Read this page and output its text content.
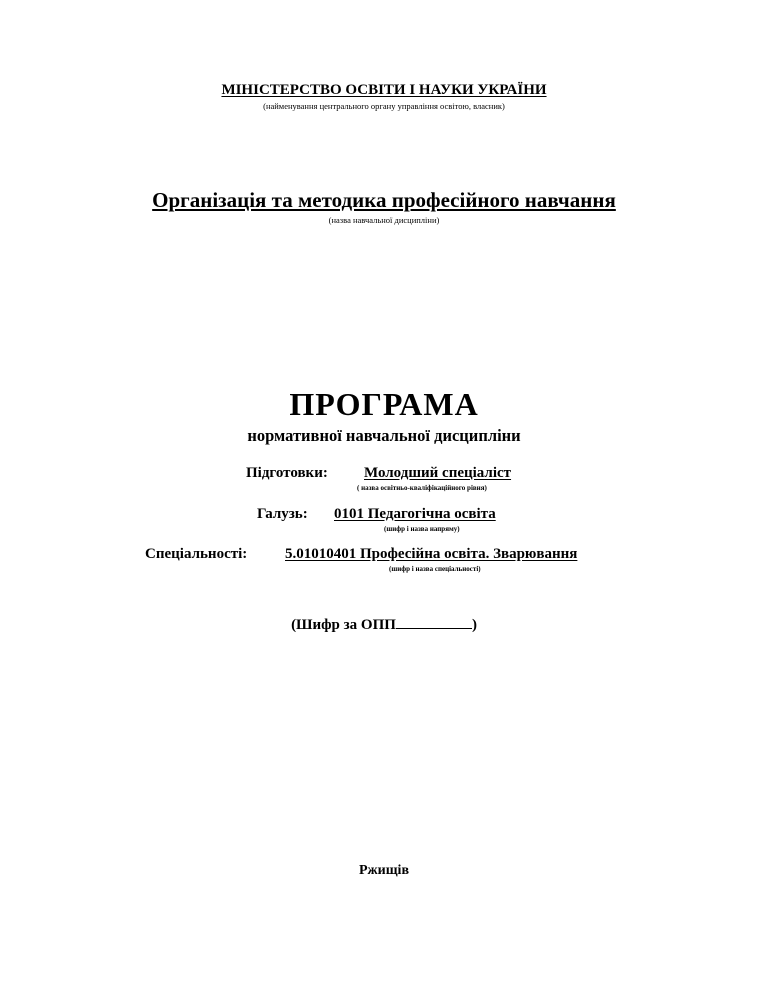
МІНІСТЕРСТВО ОСВІТИ І НАУКИ УКРАЇНИ
(найменування центрального органу управління освітою, власник)
Організація та методика професійного навчання
(назва навчальної дисципліни)
ПРОГРАМА
нормативної навчальної дисципліни
Підготовки: Молодший спеціаліст
( назва освітньо-кваліфікаційного рівня)
Галузь: 0101 Педагогічна освіта
(шифр і назва напряму)
Спеціальності:	5.01010401 Професійна освіта. Зварювання
(шифр і назва спеціальності)
(Шифр за ОПП	)
Ржищів
